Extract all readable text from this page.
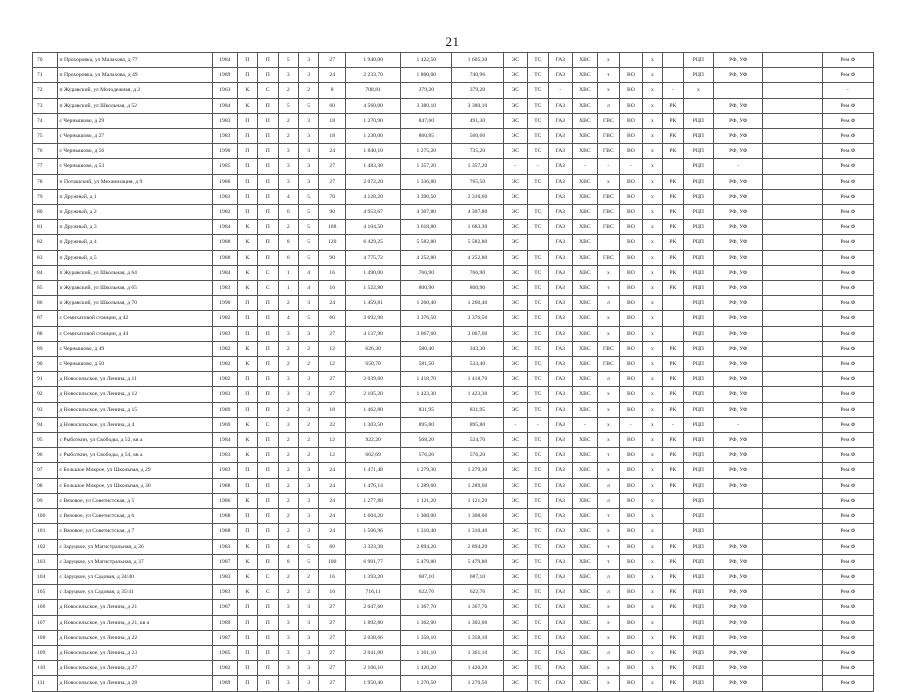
21
70	п Прохоровка, ул Малахова, д 77	1984	П	П	5	3	27	1 940,00	1 422,50	1 605,30	ЭС	ТС	ГАЗ	ХВС	х		х		РЦП	РФ, УФ		Рем.Ф
71	п Прохоровка, ул Малахова, д 49	1989	П	П	3	3	24	2 233,70	1 860,00	740,96	ЭС	ТС	ГАЗ	ХВС	т	ВО	х		РЦП	РФ, УФ		Рем.Ф
72	п Журавский, ул Молодежная, д 2	1963	К	С	2	2	8	708,81	379,20	379,20	ЭС	ТС	-	ХВС	х	ВО	х	-	х			-
73	п Журавский, ул Школьная, д 52	1984	К	П	5	5	60	4 560,00	3 380,10	3 380,10	ЭС	ТС	ГАЗ	ХВС	л	ВО	х	РК		РФ, УФ		Рем.Ф
74	с Чернышово, д 29	1983	П	П	2	3	18	1 270,90	847,60	491,30	ЭС	ТС	ГАЗ	ХВС	ГВС	ВО	х	РК	РЦП	РФ, УФ		Рем.Ф
75	с Чернышово, д 27	1983	П	П	2	3	18	1 230,00	860,85	560,66	ЭС	ТС	ГАЗ	ХВС	ГВС	ВО	х	РК	РЦП	РФ, УФ		Рем.Ф
76	с Чернышово, д 56	1990	П	П	3	3	24	1 840,10	1 275,20	735,20	ЭС	ТС	ГАЗ	ХВС	ГВС	ВО	х	РК	РЦП	РФ, УФ		Рем.Ф
77	с Чернышово, д 53	1985	П	П	3	3	27	1 483,30	1 357,20	1 357,20	-	-	ГАЗ	-	-	-	х		РЦП	-		Рем.Ф
78	п Поташский, ул Механизация, д 9	1986	П	П	3	3	27	2 072,20	1 336,80	765,50	ЭС	ТС	ГАЗ	ХВС	х	ВО	х	РК	РЦП	РФ, УФ		Рем.Ф
79	п Дружный, д 1	1983	П	П	4	5	70	4 128,20	3 390,50	2 310,60	ЭС		ГАЗ	ХВС	ГВС	ВО	х	РК	РЦП	РФ, УФ		Рем.Ф
80	п Дружный, д 2	1982	П	П	6	5	90	4 953,67	4 307,80	4 307,80	ЭС	ТС	ГАЗ	ХВС	ГВС	ВО	х	РК	РЦП	РФ, УФ		Рем.Ф
81	п Дружный, д 3	1984	К	П	2	5	108	4 104,50	3 618,80	1 683,30	ЭС	ТС	ГАЗ	ХВС	ГВС	ВО	х	РК	РЦП	РФ, УФ		Рем.Ф
82	п Дружный, д 4	1988	К	П	8	5	120	6 429,25	5 582,80	5 582,80	ЭС		ГАЗ	ХВС		ВО	х	РК	РЦП	РФ, УФ		Рем.Ф
83	п Дружный, д 5	1988	К	П	6	5	90	4 775,72	4 252,80	4 252,80	ЭС	ТС	ГАЗ	ХВС	ГВС	ВО	х	РК	РЦП	РФ, УФ		Рем.Ф
84	п Журавский, ул Школьная, д 64	1984	К	С	1	4	16	1 490,00	766,90	766,90	ЭС	ТС	ГАЗ	ХВС	х	ВО	х	РК	РЦП	РФ, УФ		Рем.Ф
85	п Журавский, ул Школьная, д 65	1983	К	С	1	4	16	1 522,80	800,90	800,90	ЭС	ТС	ГАЗ	ХВС	т	ВО	х	РК	РЦП	РФ, УФ		Рем.Ф
86	п Журавский, ул Школьная, д 70	1990	П	П	2	3	24	1 459,81	1 260,40	1 260,40	ЭС	ТС	ГАЗ	ХВС	л	ВО	х		РЦП	РФ, УФ		Рем.Ф
87	с Семихатовой станции, д 42	1982	П	П	4	5	60	3 692,98	3 376,50	3 376,50	ЭС	ТС	ГАЗ	ХВС	х	ВО	х		РЦП	РФ, УФ		Рем.Ф
88	с Семихатовой станции, д 44	1983	П	П	3	3	27	4 137,90	3 067,60	3 067,60	ЭС	ТС	ГАЗ	ХВС	х	ВО	х		РЦП	РФ, УФ		Рем.Ф
89	с Чернышово, д 49	1982	К	П	2	2	12	626,30	580,40	343,30	ЭС	ТС	ГАЗ	ХВС	ГВС	ВО	х	РК	РЦП	РФ, УФ		Рем.Ф
90	с Чернышово, д 50	1982	К	П	2	2	12	650,70	581,50	533,40	ЭС	ТС	ГАЗ	ХВС	ГВС	ВО	х	РК	РЦП	РФ, УФ		Рем.Ф
91	д Новосильское, ул Ленина, д 11	1982	П	П	3	3	27	2 039,60	1 418,70	1 418,70	ЭС	ТС	ГАЗ	ХВС	л	ВО	х	РК	РЦП	РФ, УФ		Рем.Ф
92	д Новосильское, ул Ленина, д 12	1983	П	П	3	3	27	2 105,20	1 423,30	1 423,30	ЭС	ТС	ГАЗ	ХВС	х	ВО	х	РК	РЦП	РФ, УФ		Рем.Ф
93	д Новосильское, ул Ленина, д 15	1989	П	П	2	3	18	1 462,80	831,95	831,95	ЭС	ТС	ГАЗ	ХВС	х	ВО	х	РК	РЦП	РФ, УФ		Рем.Ф
94	д Новосильское, ул Ленина, д 4	1969	К	С	3	2	22	1 303,50	895,80	895,80	-	-	ГАЗ	-	х	-	х	-	РЦП	-		Рем.Ф
95	с Рыботкин, ул Свободы, д 52, кв а	1984	К	П	2	2	12	922,20	568,20	524,70	ЭС	ТС	ГАЗ	ХВС	х	ВО	х	РК	РЦП	РФ, УФ		Рем.Ф
96	с Рыботкин, ул Свободы, д 54, кв а	1983	К	П	2	2	12	662,69	576,20	576,20	ЭС	ТС	ГАЗ	ХВС	т	ВО	х	РК	РЦП	РФ, УФ		Рем.Ф
97	с Большое Мокрое, ул Школьная, д 29	1983	П	П	2	3	24	1 471,48	1 279,30	1 279,30	ЭС	ТС	ГАЗ	ХВС	х	ВО	х	РК	РЦП	РФ, УФ		Рем.Ф
98	с Большое Мокрое, ул Школьная, д 30	1988	П	П	2	3	24	1 476,14	1 289,60	1 289,60	ЭС	ТС	ГАЗ	ХВС	л	ВО	х	РК	РЦП	РФ, УФ		Рем.Ф
99	с Вязовое, ул Советистская, д 5	1986	К	П	2	3	24	1 277,88	1 121,20	1 121,20	ЭС	ТС	ГАЗ	ХВС	л	ВО	х		РЦП			Рем.Ф
100	с Вязовое, ул Советистская, д 6	1988	П	П	2	3	24	1 604,20	1 308,00	1 308,00	ЭС	ТС	ГАЗ	ХВС	т	ВО	х		РЦП			Рем.Ф
101	с Вязовое, ул Советистская, д 7	1988	П	П	2	3	24	1 506,96	1 310,40	1 310,40	ЭС	ТС	ГАЗ	ХВС	х	ВО	х		РЦП			Рем.Ф
102	с Заруцкое, ул Магистральная, д 36	1983	К	П	4	5	60	3 323,38	2 894,20	2 894,20	ЭС	ТС	ГАЗ	ХВС	т	ВО	х	РК	РЦП	РФ, УФ		Рем.Ф
103	с Заруцкое, ул Магистральная, д 37	1987	К	П	8	5	100	6 901,77	5 479,80	5 479,80	ЭС	ТС	ГАЗ	ХВС	т	ВО	х	РК	РЦП	РФ, УФ		Рем.Ф
104	с Заруцкое, ул Садовая, д 34/40	1983	К	С	2	2	16	1 393,20	687,10	687,10	ЭС	ТС	ГАЗ	ХВС	л	ВО	х	РК	РЦП	РФ, УФ		Рем.Ф
105	с Заруцкое, ул Садовая, д 35/41	1983	К	С	2	2	16	716,11	622,76	622,76	ЭС	ТС	ГАЗ	ХВС	л	ВО	х	РК	РЦП	РФ, УФ		Рем.Ф
106	д Новосильское, ул Ленина, д 21	1987	П	П	3	3	27	2 047,60	1 367,70	1 367,70	ЭС	ТС	ГАЗ	ХВС	х	ВО	х	РК	РЦП	РФ, УФ		Рем.Ф
107	д Новосильское, ул Ленина, д 21, кв а	1989	П	П	3	3	27	1 892,80	1 362,00	1 302,00	ЭС	ТС	ГАЗ	ХВС	х	ВО	х		РЦП	РФ, УФ		Рем.Ф
108	д Новосильское, ул Ленина, д 22	1987	П	П	3	3	27	2 038,66	1 358,10	1 358,10	ЭС	ТС	ГАЗ	ХВС	х	ВО	х	РК	РЦП	РФ, УФ		Рем.Ф
109	д Новосильское, ул Ленина, д 23	1985	П	П	3	3	27	2 041,00	1 361,10	1 361,10	ЭС	ТС	ГАЗ	ХВС	л	ВО	х	РК	РЦП	РФ, УФ		Рем.Ф
110	д Новосильское, ул Ленина, д 27	1982	П	П	3	3	27	2 106,10	1 420,20	1 420,20	ЭС	ТС	ГАЗ	ХВС	х	ВО	х	РК	РЦП	РФ, УФ		Рем.Ф
111	д Новосильское, ул Ленина, д 28	1989	П	П	3	3	27	1 950,40	1 270,50	1 270,50	ЭС	ТС	ГАЗ	ХВС	х	ВО	х	РК	РЦП	РФ, УФ		Рем.Ф
